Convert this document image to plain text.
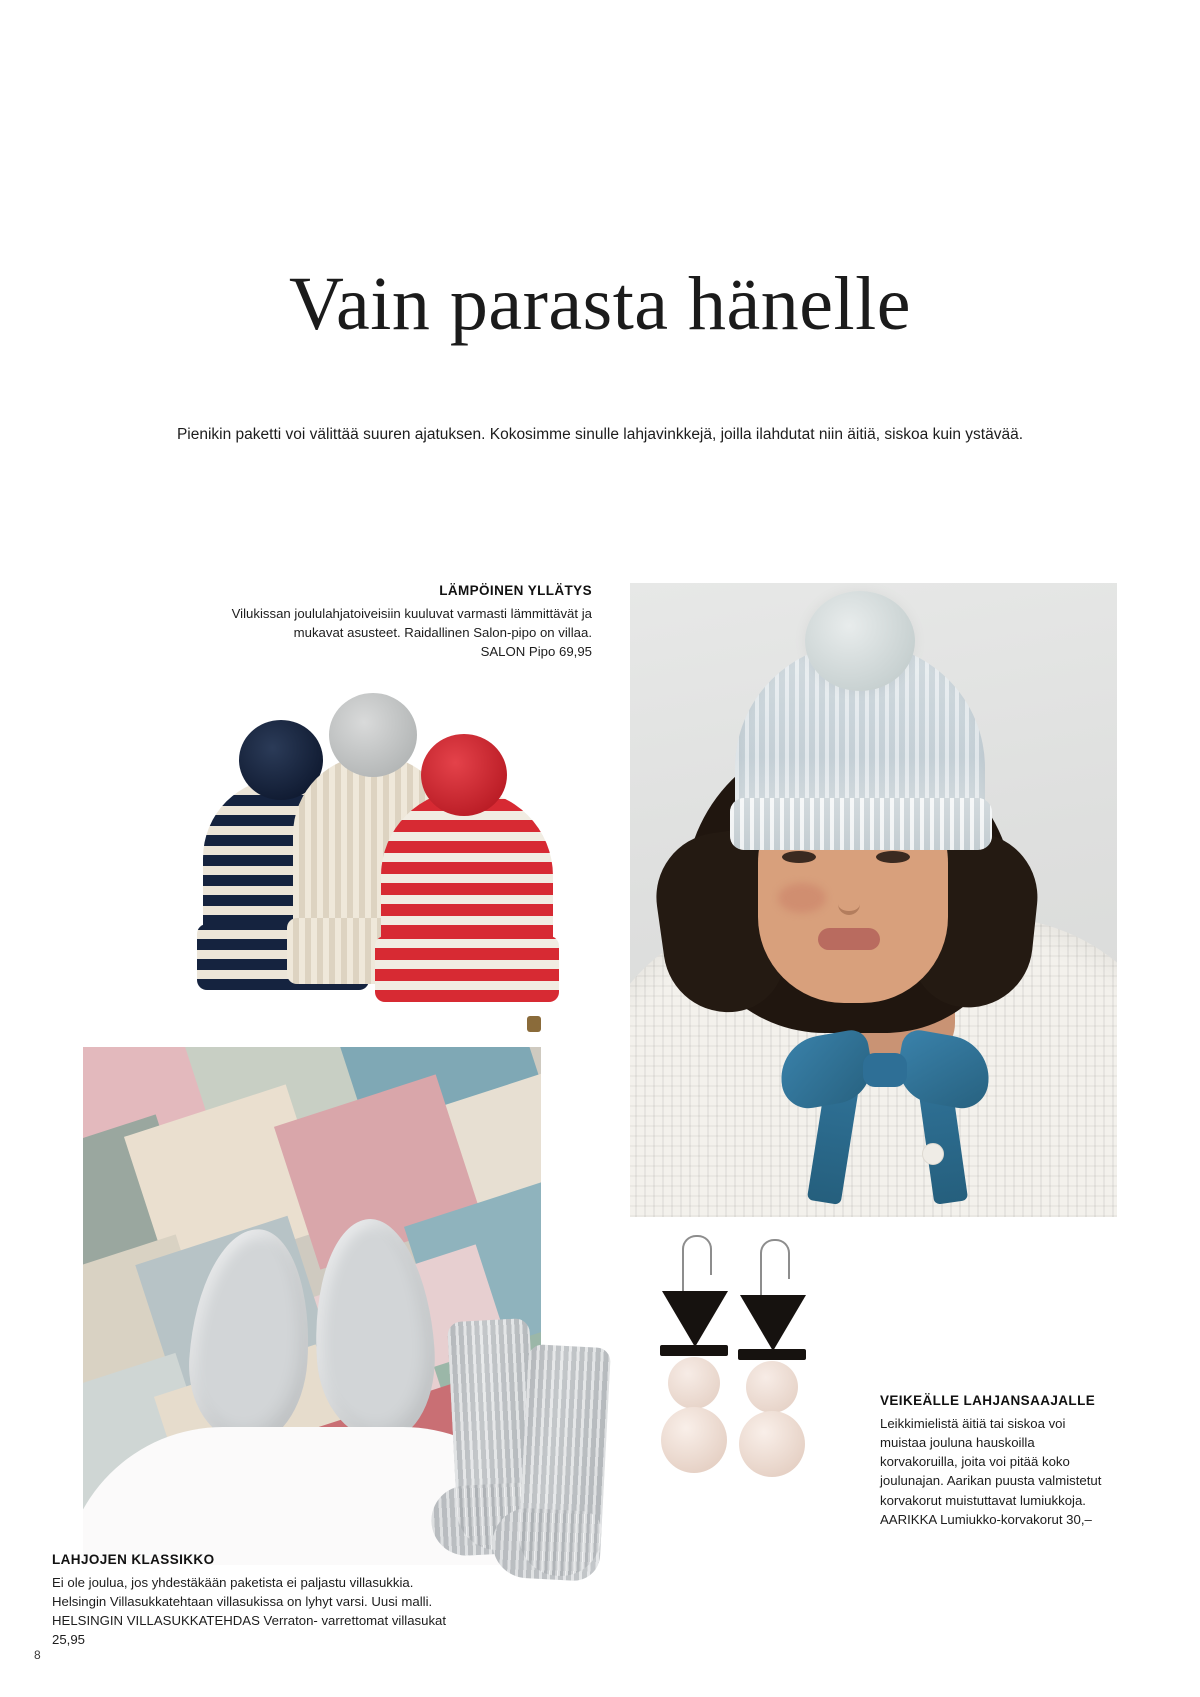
Vain parasta hänelle

Pienikin paketti voi välittää suuren ajatuksen. Kokosimme sinulle lahjavinkkejä, joilla ilahdutat niin äitiä, siskoa kuin ystävää.

LÄMPÖINEN YLLÄTYS

Vilukissan joululahjatoiveisiin kuuluvat varmasti lämmittävät ja mukavat asusteet. Raidallinen Salon-pipo on villaa.

SALON Pipo 69,95

VEIKEÄLLE LAHJANSAAJALLE

Leikkimielistä äitiä tai siskoa voi muistaa jouluna hauskoilla korvakoruilla, joita voi pitää koko joulunajan. Aarikan puusta valmistetut korvakorut muistuttavat lumiukkoja.

AARIKKA Lumiukko-korvakorut 30,–

LAHJOJEN KLASSIKKO

Ei ole joulua, jos yhdestäkään paketista ei paljastu villasukkia. Helsingin Villasukkatehtaan villasukissa on lyhyt varsi. Uusi malli.

HELSINGIN VILLASUKKATEHDAS Verraton- varrettomat villasukat

25,95

8
